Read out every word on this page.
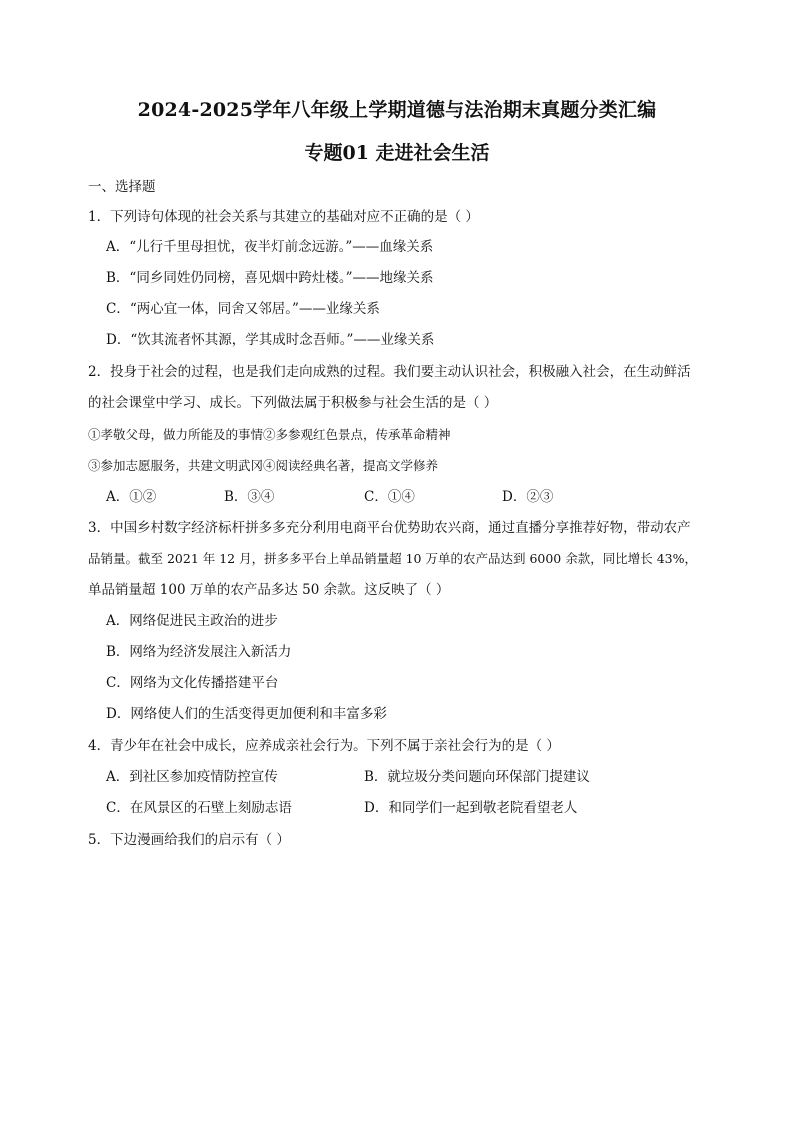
2024-2025学年八年级上学期道德与法治期末真题分类汇编
专题01 走进社会生活
一、选择题
1．下列诗句体现的社会关系与其建立的基础对应不正确的是（ ）
A．“儿行千里母担忧，夜半灯前念远游。”——血缘关系
B．“同乡同姓仍同榜，喜见烟中跨灶楼。”——地缘关系
C．“两心宜一体，同舍又邻居。”——业缘关系
D．“饮其流者怀其源，学其成时念吾师。”——业缘关系
2．投身于社会的过程，也是我们走向成熟的过程。我们要主动认识社会，积极融入社会，在生动鲜活
的社会课堂中学习、成长。下列做法属于积极参与社会生活的是（ ）
①孝敬父母，做力所能及的事情②多参观红色景点，传承革命精神
③参加志愿服务，共建文明武冈④阅读经典名著，提高文学修养
A．①②	B．③④	C．①④	D．②③
3．中国乡村数字经济标杆拼多多充分利用电商平台优势助农兴商，通过直播分享推荐好物，带动农产
品销量。截至 2021 年 12 月，拼多多平台上单品销量超 10 万单的农产品达到 6000 余款，同比增长 43%，
单品销量超 100 万单的农产品多达 50 余款。这反映了（ ）
A．网络促进民主政治的进步
B．网络为经济发展注入新活力
C．网络为文化传播搭建平台
D．网络使人们的生活变得更加便利和丰富多彩
4．青少年在社会中成长，应养成亲社会行为。下列不属于亲社会行为的是（ ）
A．到社区参加疫情防控宣传	B．就垃圾分类问题向环保部门提建议
C．在风景区的石壁上刻励志语	D．和同学们一起到敬老院看望老人
5．下边漫画给我们的启示有（ ）
